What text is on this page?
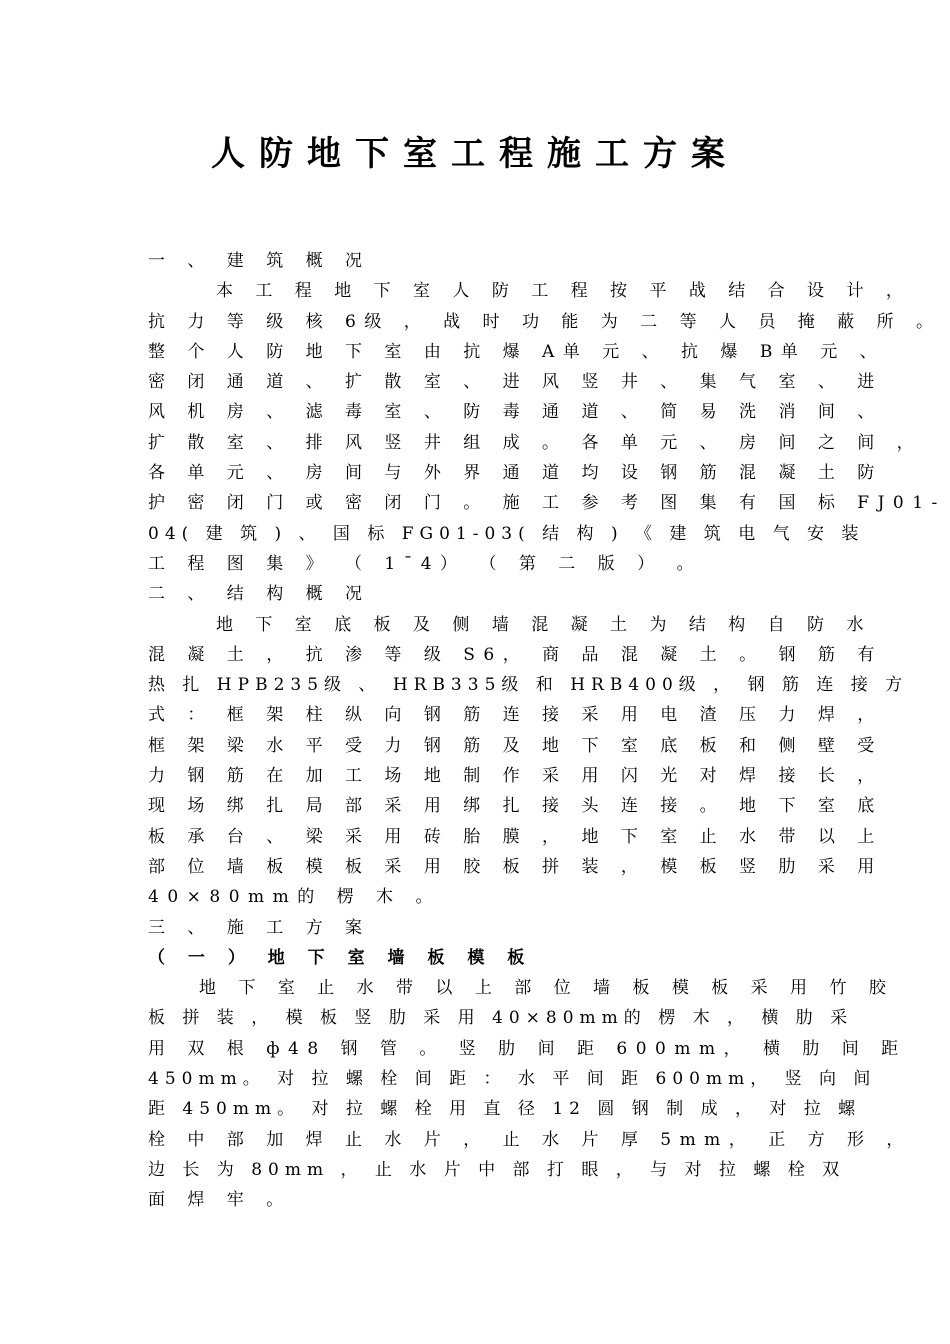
人防地下室工程施工方案
一 、 建 筑 概 况
本 工 程 地 下 室 人 防 工 程 按 平 战 结 合 设 计 ，
抗 力 等 级 核 6级 ， 战 时 功 能 为 二 等 人 员 掩 蔽 所 。
整 个 人 防 地 下 室 由 抗 爆 A单 元 、 抗 爆 B单 元 、
密 闭 通 道 、 扩 散 室 、 进 风 竖 井 、 集 气 室 、 进
风 机 房 、 滤 毒 室 、 防 毒 通 道 、 简 易 洗 消 间 、
扩 散 室 、 排 风 竖 井 组 成 。 各 单 元 、 房 间 之 间 ，
各 单 元 、 房 间 与 外 界 通 道 均 设 钢 筋 混 凝 土 防
护 密 闭 门 或 密 闭 门 。 施 工 参 考 图 集 有 国 标 FJ01-
04( 建 筑 ) 、 国 标 FG01-03( 结 构 ) 《 建 筑 电 气 安 装
工 程 图 集 》 （ 1¯4） （ 第 二 版 ） 。
二 、 结 构 概 况
地 下 室 底 板 及 侧 墙 混 凝 土 为 结 构 自 防 水
混 凝 土 ， 抗 渗 等 级 S6， 商 品 混 凝 土 。 钢 筋 有
热 扎 HPB235级 、 HRB335级 和 HRB400级 ， 钢 筋 连 接 方
式 ： 框 架 柱 纵 向 钢 筋 连 接 采 用 电 渣 压 力 焊 ，
框 架 梁 水 平 受 力 钢 筋 及 地 下 室 底 板 和 侧 壁 受
力 钢 筋 在 加 工 场 地 制 作 采 用 闪 光 对 焊 接 长 ，
现 场 绑 扎 局 部 采 用 绑 扎 接 头 连 接 。 地 下 室 底
板 承 台 、 梁 采 用 砖 胎 膜 ， 地 下 室 止 水 带 以 上
部 位 墙 板 模 板 采 用 胶 板 拼 装 ， 模 板 竖 肋 采 用
40×80mm的 楞 木 。
三 、 施 工 方 案
（ 一 ） 地 下 室 墙 板 模 板
地 下 室 止 水 带 以 上 部 位 墙 板 模 板 采 用 竹 胶
板 拼 装 ， 模 板 竖 肋 采 用 40×80mm的 楞 木 ， 横 肋 采
用 双 根 ф48 钢 管 。 竖 肋 间 距 600mm， 横 肋 间 距
450mm。 对 拉 螺 栓 间 距 ： 水 平 间 距 600mm， 竖 向 间
距 450mm。 对 拉 螺 栓 用 直 径 12 圆 钢 制 成 ， 对 拉 螺
栓 中 部 加 焊 止 水 片 ， 止 水 片 厚 5mm， 正 方 形 ，
边 长 为 80mm ， 止 水 片 中 部 打 眼 ， 与 对 拉 螺 栓 双
面 焊 牢 。
